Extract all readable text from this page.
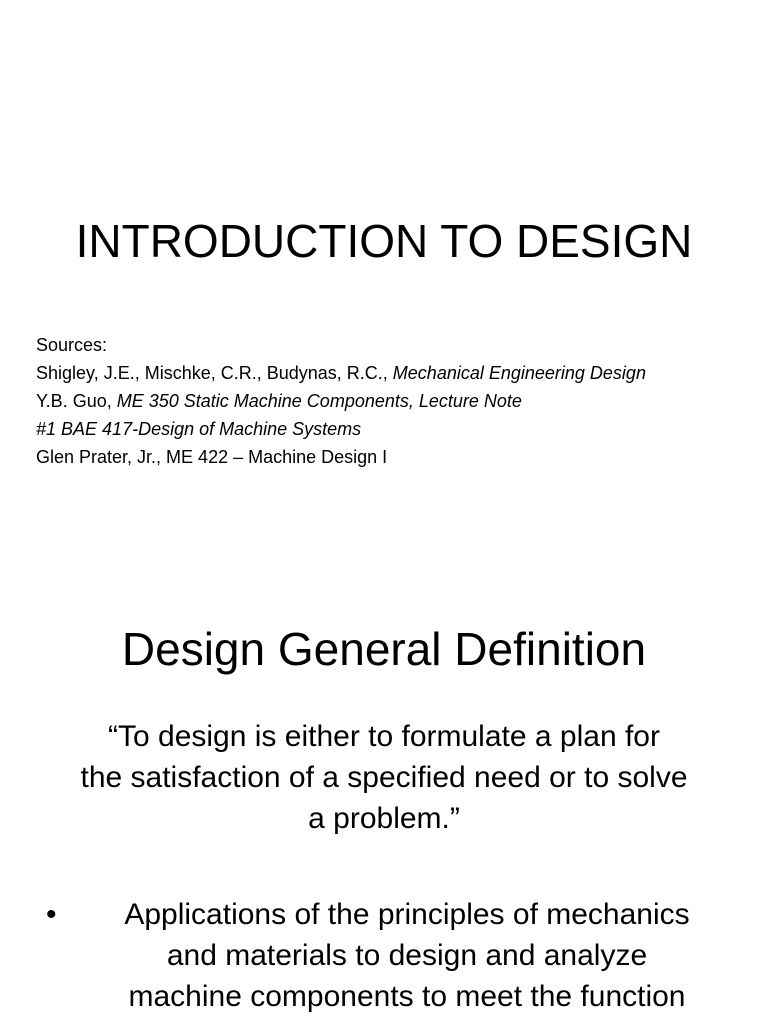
INTRODUCTION TO DESIGN
Sources:
Shigley, J.E., Mischke, C.R., Budynas, R.C., Mechanical Engineering Design
Y.B. Guo, ME 350 Static Machine Components, Lecture Note
#1 BAE 417-Design of Machine Systems
Glen Prater, Jr., ME 422 – Machine Design I
Design General Definition
“To design is either to formulate a plan for
the satisfaction of a specified need or to solve
a problem.”
•	Applications of the principles of mechanics
and materials to design and analyze
machine components to meet the function
